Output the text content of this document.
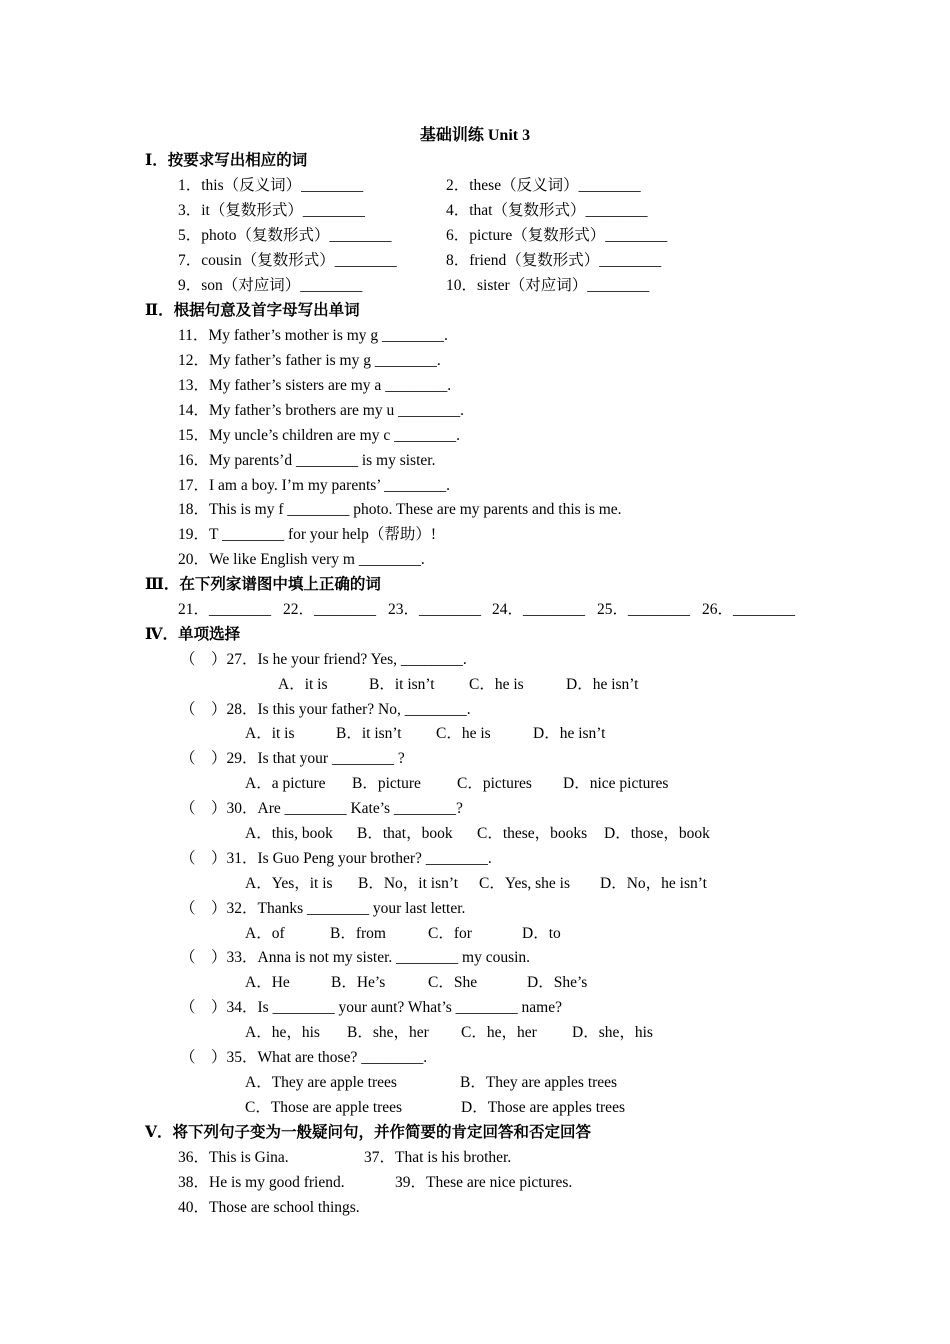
基础训练 Unit 3
Ⅰ．按要求写出相应的词
1．this（反义词）________	2．these（反义词）________
3．it（复数形式）________	4．that（复数形式）________
5．photo（复数形式）________	6．picture（复数形式）________
7．cousin（复数形式）________	8．friend（复数形式）________
9．son（对应词）________	10．sister（对应词）________
Ⅱ．根据句意及首字母写出单词
11．My father’s mother is my g ________.
12．My father’s father is my g ________.
13．My father’s sisters are my a ________.
14．My father’s brothers are my u ________.
15．My uncle’s children are my c ________.
16．My parents’d ________ is my sister.
17．I am a boy. I’m my parents’ ________.
18．This is my f ________ photo. These are my parents and this is me.
19．T ________ for your help（帮助）!
20．We like English very m ________.
Ⅲ．在下列家谱图中填上正确的词
21．________ 22．________ 23．________ 24．________ 25．________ 26．________
Ⅳ．单项选择
（　）27．Is he your friend? Yes, ________.
A．it is	B．it isn’t C．he is	D．he isn’t
（　）28．Is this your father? No, ________.
A．it is	B．it isn’t C．he is	D．he isn’t
（　）29．Is that your ________ ?
A．a picture B．picture C．pictures D．nice pictures
（　）30．Are ________ Kate’s ________?
A．this, book B．that，book C．these，books D．those，book
（　）31．Is Guo Peng your brother? ________.
A．Yes，it is B．No，it isn’t C．Yes, she is D．No，he isn’t
（　）32．Thanks ________ your last letter.
A．of	B．from	C．for	D．to
（　）33．Anna is not my sister. ________ my cousin.
A．He	B．He’s	C．She	D．She’s
（　）34．Is ________ your aunt? What’s ________ name?
A．he，his B．she，her C．he，her D．she，his
（　）35．What are those? ________.
A．They are apple trees	B．They are apples trees
C．Those are apple trees	D．Those are apples trees
Ⅴ．将下列句子变为一般疑问句，并作简要的肯定回答和否定回答
36．This is Gina.	37．That is his brother.
38．He is my good friend.	39．These are nice pictures.
40．Those are school things.
